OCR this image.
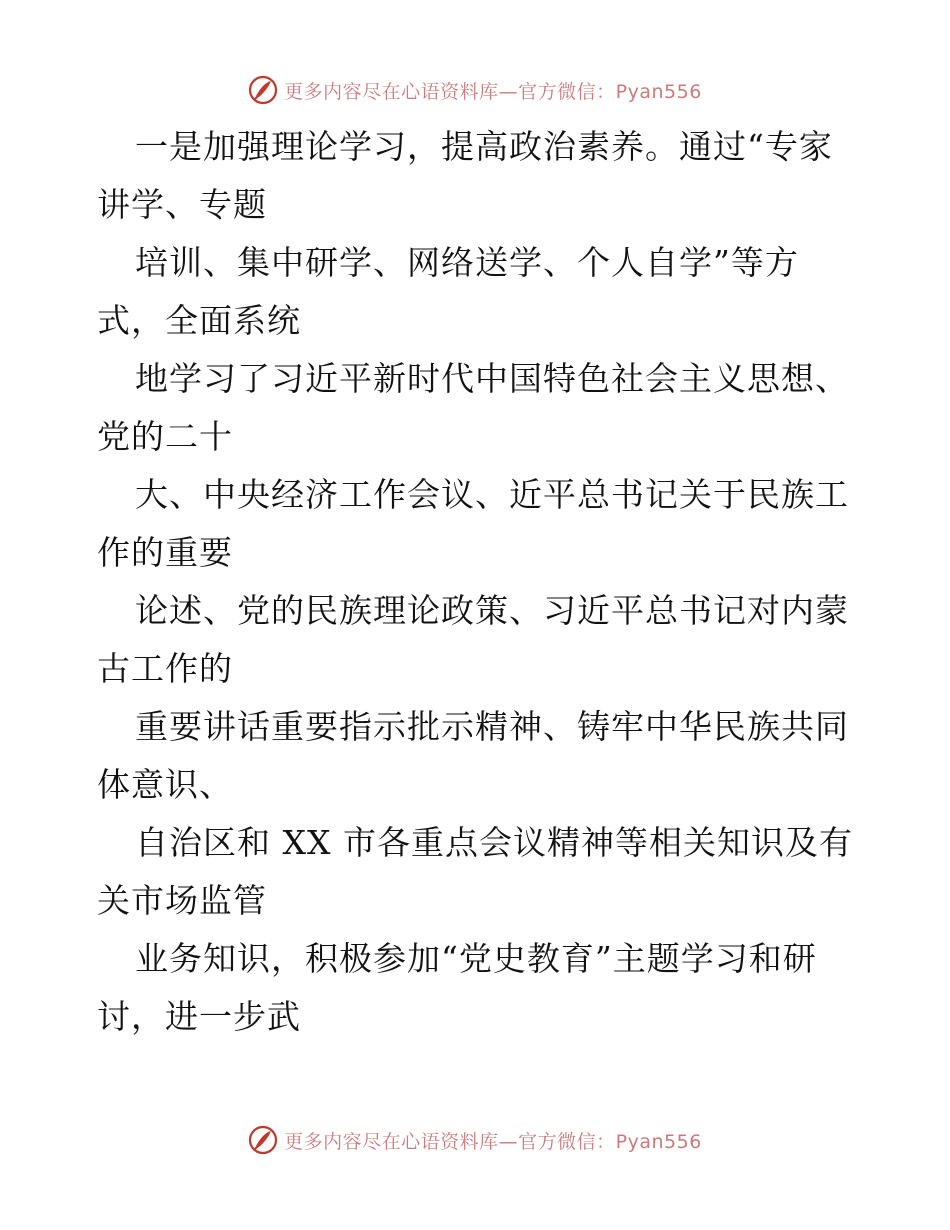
更多内容尽在心语资料库—官方微信：Pyan556
一是加强理论学习，提高政治素养。通过“专家
讲学、专题
培训、集中研学、网络送学、个人自学”等方
式，全面系统
地学习了习近平新时代中国特色社会主义思想、
党的二十
大、中央经济工作会议、近平总书记关于民族工
作的重要
论述、党的民族理论政策、习近平总书记对内蒙
古工作的
重要讲话重要指示批示精神、铸牢中华民族共同
体意识、
自治区和 XX 市各重点会议精神等相关知识及有
关市场监管
业务知识，积极参加“党史教育”主题学习和研
讨，进一步武
更多内容尽在心语资料库—官方微信：Pyan556
